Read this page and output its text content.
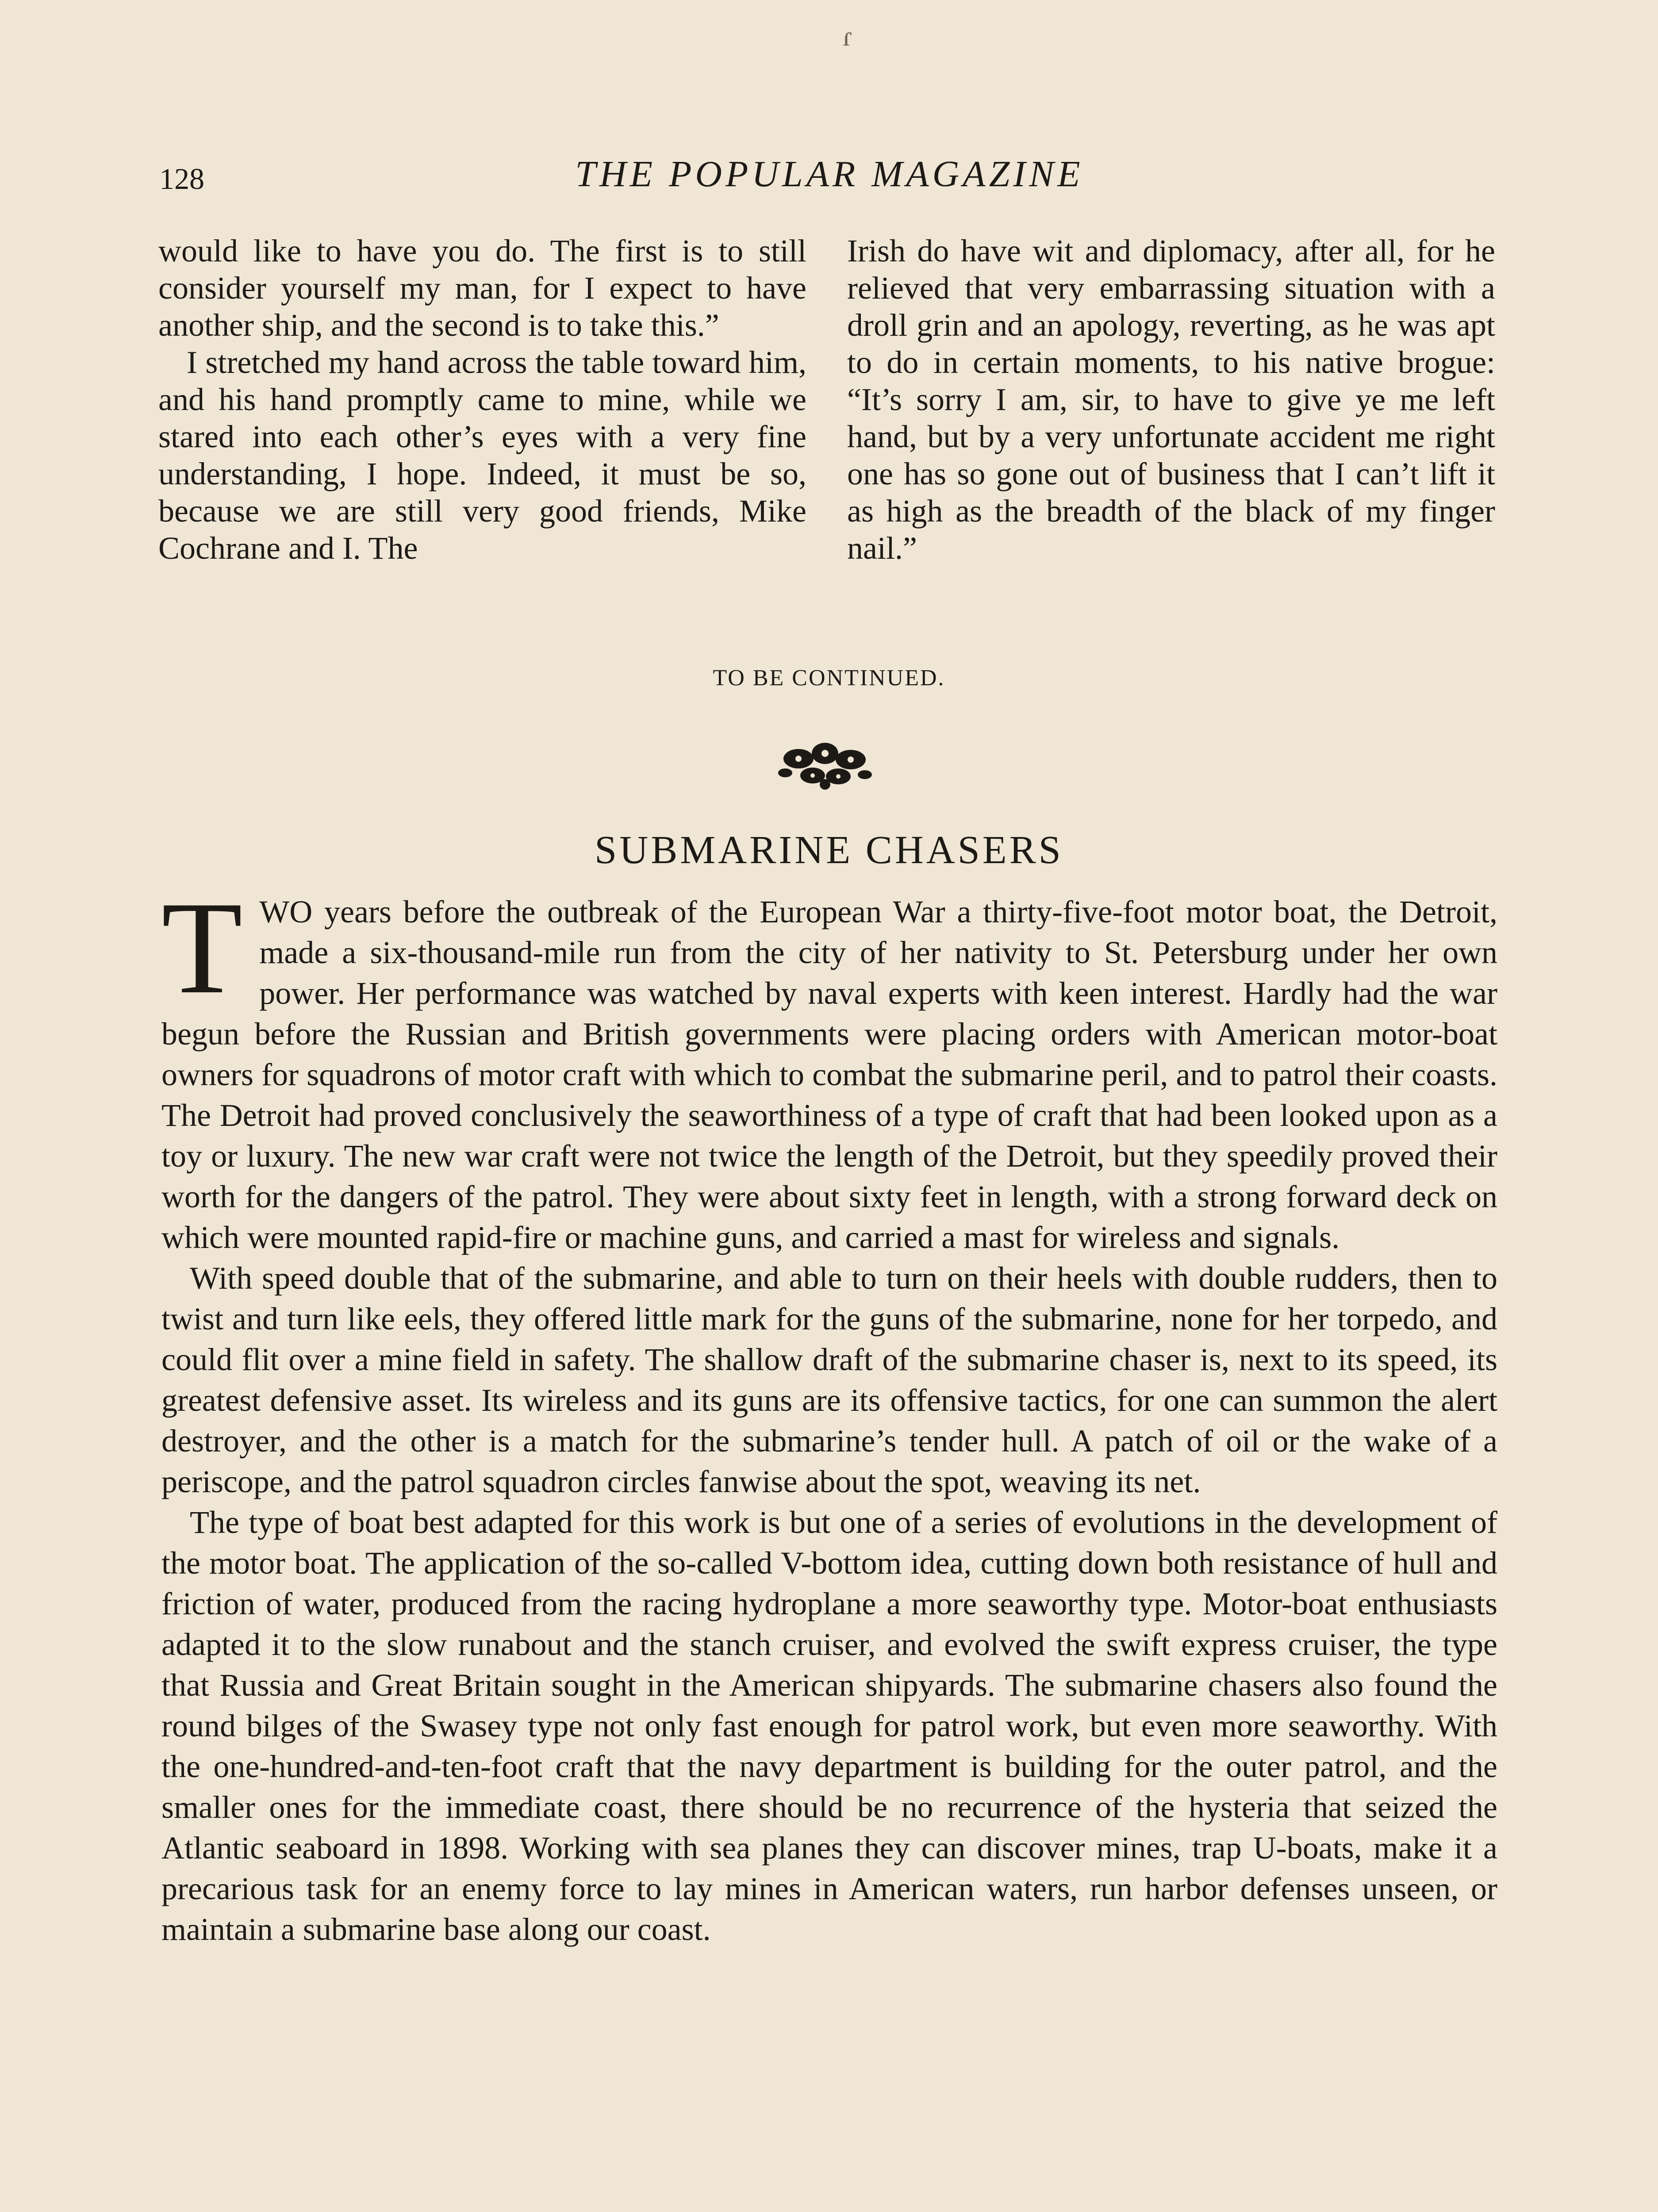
ɾ
128	THE POPULAR MAGAZINE

would like to have you do. The first is to still consider yourself my man, for I expect to have another ship, and the second is to take this.”

I stretched my hand across the table toward him, and his hand promptly came to mine, while we stared into each other’s eyes with a very fine understanding, I hope. Indeed, it must be so, because we are still very good friends, Mike Cochrane and I. The

Irish do have wit and diplomacy, after all, for he relieved that very embarrassing situation with a droll grin and an apology, reverting, as he was apt to do in certain moments, to his native brogue: “It’s sorry I am, sir, to have to give ye me left hand, but by a very unfortunate accident me right one has so gone out of business that I can’t lift it as high as the breadth of the black of my finger nail.”

TO BE CONTINUED.
SUBMARINE CHASERS

TWO years before the outbreak of the European War a thirty-five-foot motor boat, the Detroit, made a six-thousand-mile run from the city of her nativity to St. Petersburg under her own power. Her performance was watched by naval experts with keen interest. Hardly had the war begun before the Russian and British governments were placing orders with American motor-boat owners for squadrons of motor craft with which to combat the submarine peril, and to patrol their coasts. The Detroit had proved conclusively the seaworthiness of a type of craft that had been looked upon as a toy or luxury. The new war craft were not twice the length of the Detroit, but they speedily proved their worth for the dangers of the patrol. They were about sixty feet in length, with a strong forward deck on which were mounted rapid-fire or machine guns, and carried a mast for wireless and signals.

With speed double that of the submarine, and able to turn on their heels with double rudders, then to twist and turn like eels, they offered little mark for the guns of the submarine, none for her torpedo, and could flit over a mine field in safety. The shallow draft of the submarine chaser is, next to its speed, its greatest defensive asset. Its wireless and its guns are its offensive tactics, for one can summon the alert destroyer, and the other is a match for the submarine’s tender hull. A patch of oil or the wake of a periscope, and the patrol squadron circles fanwise about the spot, weaving its net.

The type of boat best adapted for this work is but one of a series of evolutions in the development of the motor boat. The application of the so-called V-bottom idea, cutting down both resistance of hull and friction of water, produced from the racing hydroplane a more seaworthy type. Motor-boat enthusiasts adapted it to the slow runabout and the stanch cruiser, and evolved the swift express cruiser, the type that Russia and Great Britain sought in the American shipyards. The submarine chasers also found the round bilges of the Swasey type not only fast enough for patrol work, but even more seaworthy. With the one-hundred-and-ten-foot craft that the navy department is building for the outer patrol, and the smaller ones for the immediate coast, there should be no recurrence of the hysteria that seized the Atlantic seaboard in 1898. Working with sea planes they can discover mines, trap U-boats, make it a precarious task for an enemy force to lay mines in American waters, run harbor defenses unseen, or maintain a submarine base along our coast.
